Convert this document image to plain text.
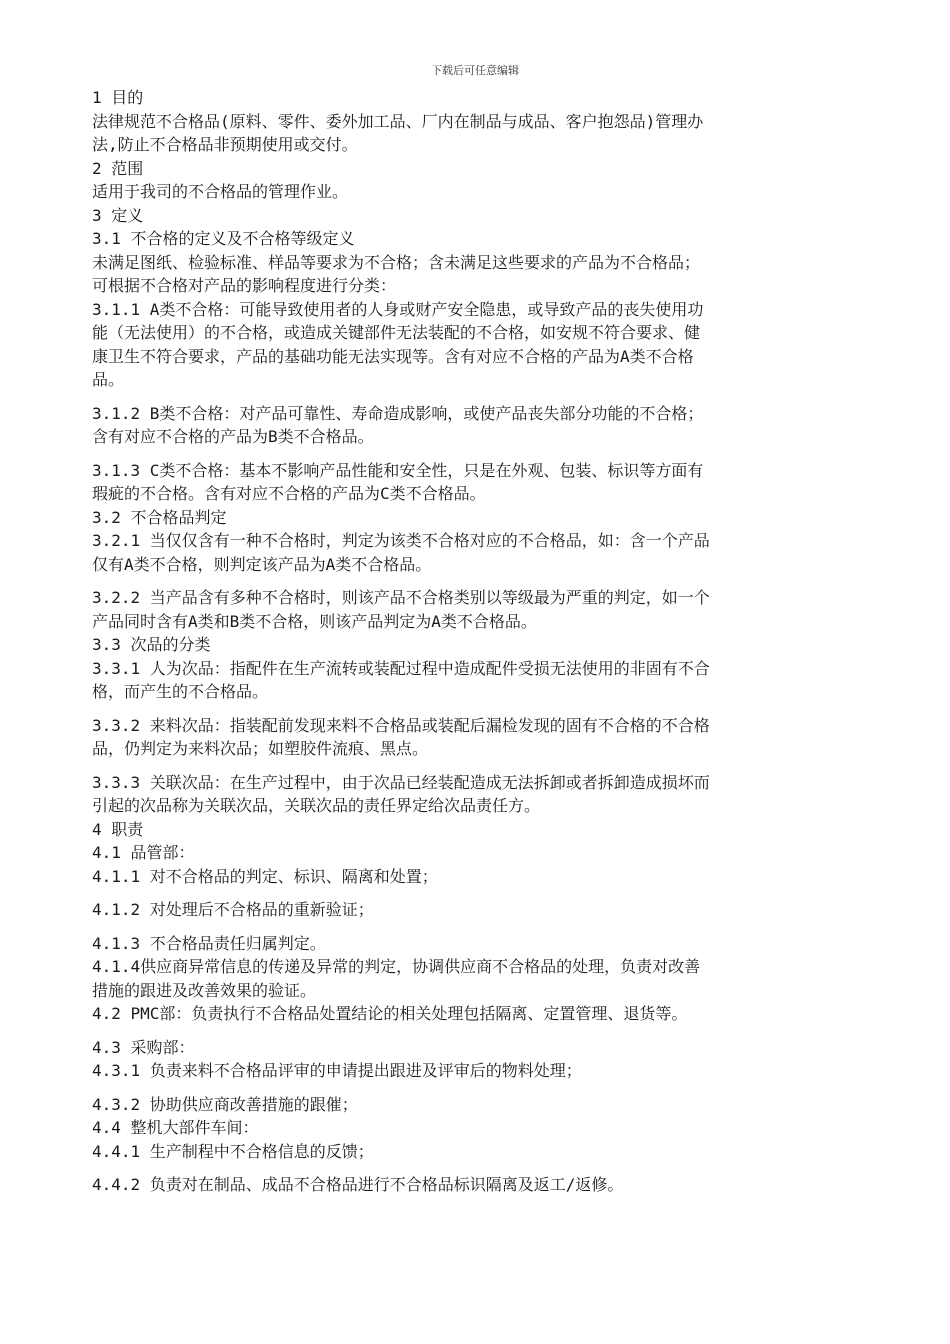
下载后可任意编辑

1 目的

法律规范不合格品(原料、零件、委外加工品、厂内在制品与成品、客户抱怨品)管理办

法,防止不合格品非预期使用或交付。

2 范围

适用于我司的不合格品的管理作业。

3 定义

3.1 不合格的定义及不合格等级定义

未满足图纸、检验标准、样品等要求为不合格；含未满足这些要求的产品为不合格品；

可根据不合格对产品的影响程度进行分类：

3.1.1 A类不合格：可能导致使用者的人身或财产安全隐患，或导致产品的丧失使用功

能（无法使用）的不合格，或造成关键部件无法装配的不合格，如安规不符合要求、健

康卫生不符合要求，产品的基础功能无法实现等。含有对应不合格的产品为A类不合格

品。

3.1.2 B类不合格：对产品可靠性、寿命造成影响，或使产品丧失部分功能的不合格；

含有对应不合格的产品为B类不合格品。

3.1.3 C类不合格：基本不影响产品性能和安全性，只是在外观、包装、标识等方面有

瑕疵的不合格。含有对应不合格的产品为C类不合格品。

3.2 不合格品判定

3.2.1 当仅仅含有一种不合格时，判定为该类不合格对应的不合格品，如：含一个产品

仅有A类不合格，则判定该产品为A类不合格品。

3.2.2 当产品含有多种不合格时，则该产品不合格类别以等级最为严重的判定，如一个

产品同时含有A类和B类不合格，则该产品判定为A类不合格品。

3.3 次品的分类

3.3.1 人为次品：指配件在生产流转或装配过程中造成配件受损无法使用的非固有不合

格，而产生的不合格品。

3.3.2 来料次品：指装配前发现来料不合格品或装配后漏检发现的固有不合格的不合格

品，仍判定为来料次品；如塑胶件流痕、黑点。

3.3.3 关联次品：在生产过程中，由于次品已经装配造成无法拆卸或者拆卸造成损坏而

引起的次品称为关联次品，关联次品的责任界定给次品责任方。

4 职责

4.1 品管部：

4.1.1 对不合格品的判定、标识、隔离和处置；

4.1.2 对处理后不合格品的重新验证；

4.1.3 不合格品责任归属判定。

4.1.4供应商异常信息的传递及异常的判定，协调供应商不合格品的处理，负责对改善

措施的跟进及改善效果的验证。

4.2 PMC部：负责执行不合格品处置结论的相关处理包括隔离、定置管理、退货等。

4.3 采购部：

4.3.1 负责来料不合格品评审的申请提出跟进及评审后的物料处理；

4.3.2 协助供应商改善措施的跟催；

4.4 整机大部件车间：

4.4.1 生产制程中不合格信息的反馈；

4.4.2 负责对在制品、成品不合格品进行不合格品标识隔离及返工/返修。
